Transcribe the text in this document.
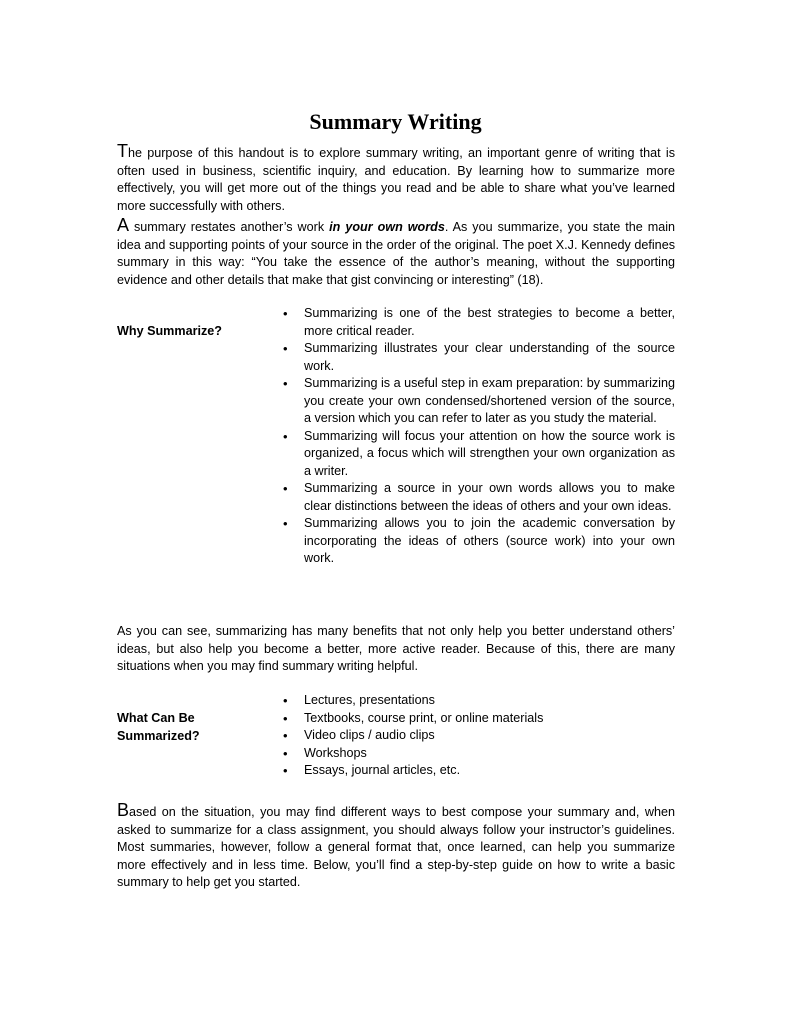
Summary Writing

The purpose of this handout is to explore summary writing, an important genre of writing that is often used in business, scientific inquiry, and education. By learning how to summarize more effectively, you will get more out of the things you read and be able to share what you’ve learned more successfully with others.

A summary restates another’s work in your own words. As you summarize, you state the main idea and supporting points of your source in the order of the original. The poet X.J. Kennedy defines summary in this way: “You take the essence of the author’s meaning, without the supporting evidence and other details that make that gist convincing or interesting” (18).

Why Summarize?
• Summarizing is one of the best strategies to become a better, more critical reader.
• Summarizing illustrates your clear understanding of the source work.
• Summarizing is a useful step in exam preparation: by summarizing you create your own condensed/shortened version of the source, a version which you can refer to later as you study the material.
• Summarizing will focus your attention on how the source work is organized, a focus which will strengthen your own organization as a writer.
• Summarizing a source in your own words allows you to make clear distinctions between the ideas of others and your own ideas.
• Summarizing allows you to join the academic conversation by incorporating the ideas of others (source work) into your own work.

As you can see, summarizing has many benefits that not only help you better understand others’ ideas, but also help you become a better, more active reader. Because of this, there are many situations when you may find summary writing helpful.

What Can Be
Summarized?
• Lectures, presentations
• Textbooks, course print, or online materials
• Video clips / audio clips
• Workshops
• Essays, journal articles, etc.

Based on the situation, you may find different ways to best compose your summary and, when asked to summarize for a class assignment, you should always follow your instructor’s guidelines. Most summaries, however, follow a general format that, once learned, can help you summarize more effectively and in less time. Below, you’ll find a step-by-step guide on how to write a basic summary to help get you started.
